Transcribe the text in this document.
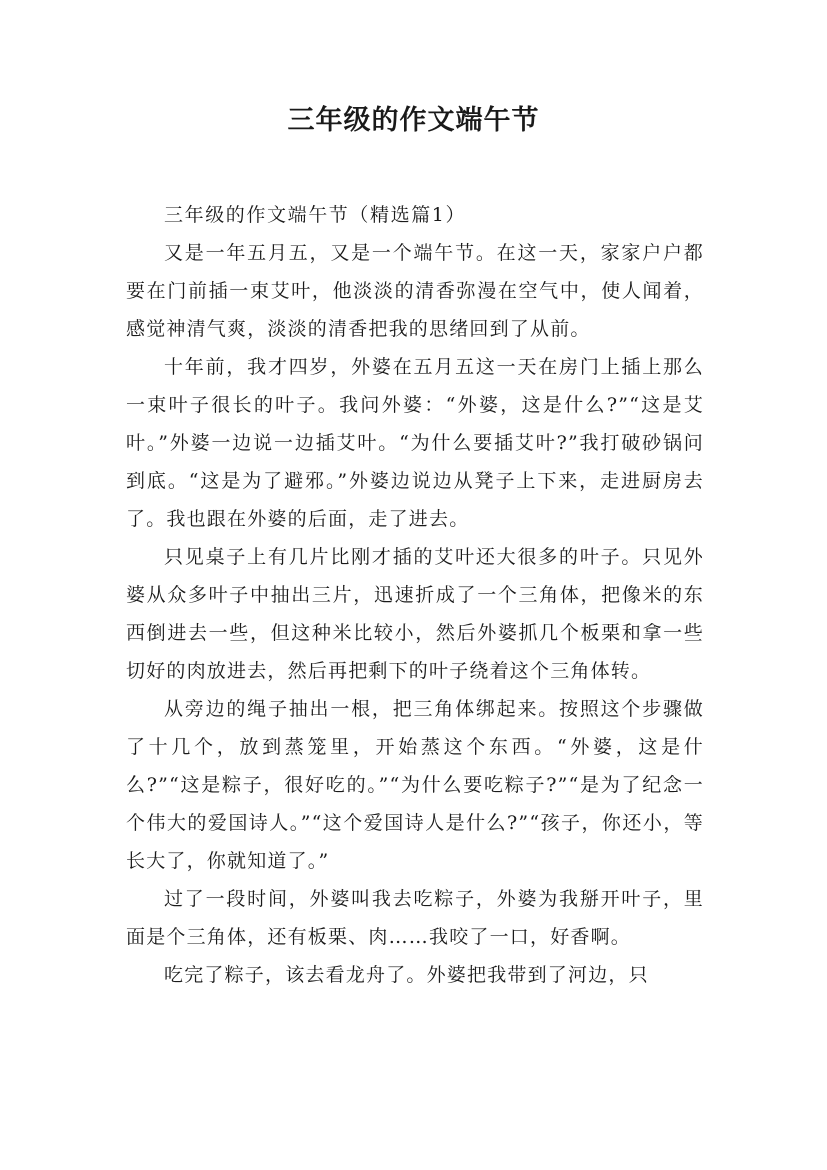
三年级的作文端午节

三年级的作文端午节（精选篇1）

又是一年五月五，又是一个端午节。在这一天，家家户户都要在门前插一束艾叶，他淡淡的清香弥漫在空气中，使人闻着，感觉神清气爽，淡淡的清香把我的思绪回到了从前。

十年前，我才四岁，外婆在五月五这一天在房门上插上那么一束叶子很长的叶子。我问外婆：“外婆，这是什么?”“这是艾叶。”外婆一边说一边插艾叶。“为什么要插艾叶?”我打破砂锅问到底。“这是为了避邪。”外婆边说边从凳子上下来，走进厨房去了。我也跟在外婆的后面，走了进去。

只见桌子上有几片比刚才插的艾叶还大很多的叶子。只见外婆从众多叶子中抽出三片，迅速折成了一个三角体，把像米的东西倒进去一些，但这种米比较小，然后外婆抓几个板栗和拿一些切好的肉放进去，然后再把剩下的叶子绕着这个三角体转。

从旁边的绳子抽出一根，把三角体绑起来。按照这个步骤做了十几个，放到蒸笼里，开始蒸这个东西。“外婆，这是什么?”“这是粽子，很好吃的。”“为什么要吃粽子?”“是为了纪念一个伟大的爱国诗人。”“这个爱国诗人是什么?”“孩子，你还小，等长大了，你就知道了。”

过了一段时间，外婆叫我去吃粽子，外婆为我掰开叶子，里面是个三角体，还有板栗、肉……我咬了一口，好香啊。

吃完了粽子，该去看龙舟了。外婆把我带到了河边，只
